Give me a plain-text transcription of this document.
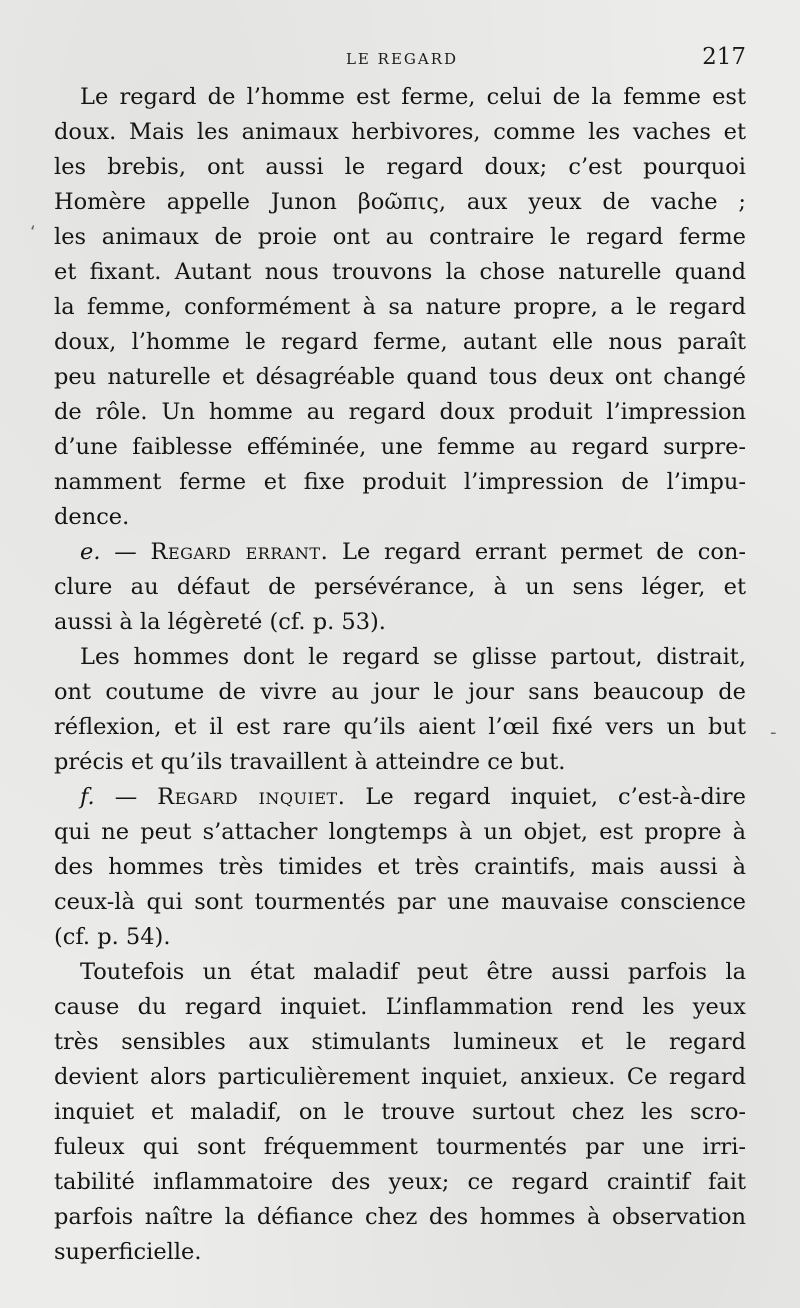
LE REGARD	217
Le regard de l’homme est ferme, celui de la femme est
doux. Mais les animaux herbivores, comme les vaches et
les brebis, ont aussi le regard doux; c’est pourquoi
Homère appelle Junon βοῶπις, aux yeux de vache ;
les animaux de proie ont au contraire le regard ferme
et fixant. Autant nous trouvons la chose naturelle quand
la femme, conformément à sa nature propre, a le regard
doux, l’homme le regard ferme, autant elle nous paraît
peu naturelle et désagréable quand tous deux ont changé
de rôle. Un homme au regard doux produit l’impression
d’une faiblesse efféminée, une femme au regard surpre-
namment ferme et fixe produit l’impression de l’impu-
dence.
e. — Regard errant. Le regard errant permet de con-
clure au défaut de persévérance, à un sens léger, et
aussi à la légèreté (cf. p. 53).
Les hommes dont le regard se glisse partout, distrait,
ont coutume de vivre au jour le jour sans beaucoup de
réflexion, et il est rare qu’ils aient l’œil fixé vers un but
précis et qu’ils travaillent à atteindre ce but.
f. — Regard inquiet. Le regard inquiet, c’est-à-dire
qui ne peut s’attacher longtemps à un objet, est propre à
des hommes très timides et très craintifs, mais aussi à
ceux-là qui sont tourmentés par une mauvaise conscience
(cf. p. 54).
Toutefois un état maladif peut être aussi parfois la
cause du regard inquiet. L’inflammation rend les yeux
très sensibles aux stimulants lumineux et le regard
devient alors particulièrement inquiet, anxieux. Ce regard
inquiet et maladif, on le trouve surtout chez les scro-
fuleux qui sont fréquemment tourmentés par une irri-
tabilité inflammatoire des yeux; ce regard craintif fait
parfois naître la défiance chez des hommes à observation
superficielle.
ʻ
-
